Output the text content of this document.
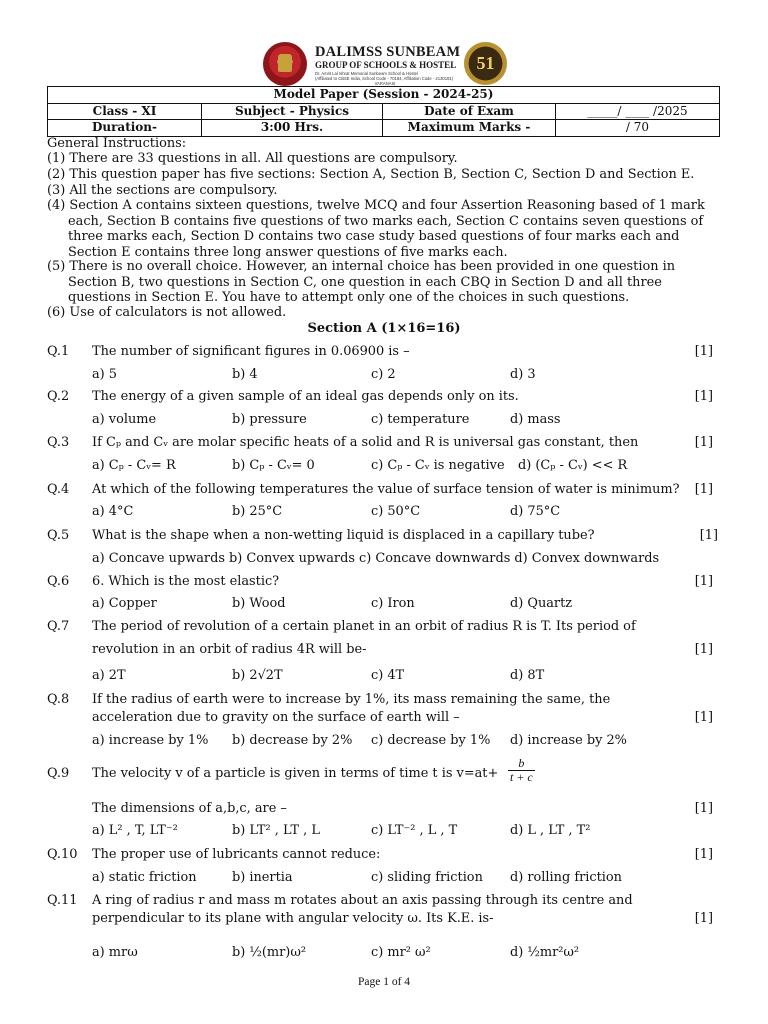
DALIMSS SUNBEAM
GROUP OF SCHOOLS & HOSTEL
Dr. Amrit Lal Ishrat Memorial Sunbeam School & Hostel
(Affiliated to CBSE India, School Code - 70184, Affiliation Code - 2130181)
VARANASI
51
Model Paper (Session - 2024-25)			
Class - XI	Subject - Physics	Date of Exam	_____/ ____ /2025
Duration-	3:00 Hrs.	Maximum Marks -	/ 70
General Instructions:
(1) There are 33 questions in all. All questions are compulsory.
(2) This question paper has five sections: Section A, Section B, Section C, Section D and Section E.
(3) All the sections are compulsory.
(4) Section A contains sixteen questions, twelve MCQ and four Assertion Reasoning based of 1 mark each, Section B contains five questions of two marks each, Section C contains seven questions of three marks each, Section D contains two case study based questions of four marks each and Section E contains three long answer questions of five marks each.
(5) There is no overall choice. However, an internal choice has been provided in one question in Section B, two questions in Section C, one question in each CBQ in Section D and all three questions in Section E. You have to attempt only one of the choices in such questions.
(6) Use of calculators is not allowed.
Section A (1×16=16)
Q.1 The number of significant figures in 0.06900 is –	[1]
a) 5	b) 4	c) 2	d) 3
Q.2 The energy of a given sample of an ideal gas depends only on its.	[1]
a) volume	b) pressure	c) temperature	d) mass
Q.3 If Cₚ and Cᵥ are molar specific heats of a solid and R is universal gas constant, then	[1]
a) Cₚ - Cᵥ= R	b) Cₚ - Cᵥ= 0	c) Cₚ - Cᵥ is negative d) (Cₚ - Cᵥ) << R
Q.4 At which of the following temperatures the value of surface tension of water is minimum? [1]
a) 4°C	b) 25°C	c) 50°C	d) 75°C
Q.5 What is the shape when a non-wetting liquid is displaced in a capillary tube?	[1]
a) Concave upwards b) Convex upwards c) Concave downwards d) Convex downwards
Q.6 6. Which is the most elastic?	[1]
a) Copper	b) Wood	c) Iron	d) Quartz
Q.7 The period of revolution of a certain planet in an orbit of radius R is T. Its period of
revolution in an orbit of radius 4R will be-	[1]
a) 2T	b) 2√2T	c) 4T	d) 8T
Q.8 If the radius of earth were to increase by 1%, its mass remaining the same, the
acceleration due to gravity on the surface of earth will –	[1]
a) increase by 1% b) decrease by 2% c) decrease by 1% d) increase by 2%
Q.9 The velocity v of a particle is given in terms of time t is $v=at+ \frac{b}{t + c}$
The dimensions of a,b,c, are –	[1]
a) L² , T, LT⁻²	b) LT² , LT , L	c) LT⁻² , L , T	d) L , LT , T²
Q.10 The proper use of lubricants cannot reduce:	[1]
a) static friction	b) inertia	c) sliding friction d) rolling friction
Q.11 A ring of radius r and mass m rotates about an axis passing through its centre and
perpendicular to its plane with angular velocity ω. Its K.E. is-	[1]
a) mrω	b) ½(mr)ω²	c) mr² ω²	d) ½mr²ω²
Page 1 of 4
